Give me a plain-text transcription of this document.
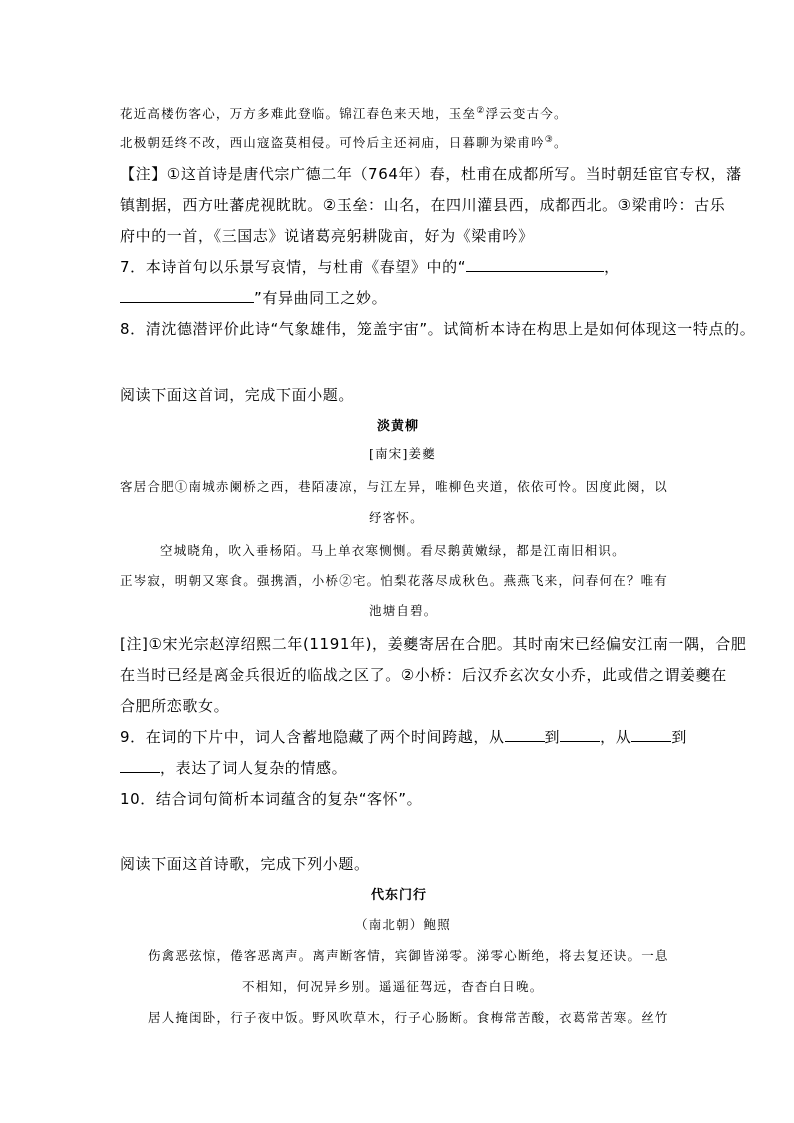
花近高楼伤客心，万方多难此登临。锦江春色来天地，玉垒②浮云变古今。
北极朝廷终不改，西山寇盗莫相侵。可怜后主还祠庙，日暮聊为梁甫吟③。
【注】①这首诗是唐代宗广德二年（764年）春，杜甫在成都所写。当时朝廷宦官专权，藩
镇割据，西方吐蕃虎视眈眈。②玉垒：山名，在四川灌县西，成都西北。③梁甫吟：古乐
府中的一首，《三国志》说诸葛亮躬耕陇亩，好为《梁甫吟》
7．本诗首句以乐景写哀情，与杜甫《春望》中的“	，
”有异曲同工之妙。
8．清沈德潜评价此诗“气象雄伟，笼盖宇宙”。试简析本诗在构思上是如何体现这一特点的。
阅读下面这首词，完成下面小题。
淡黄柳
[南宋]姜夔
客居合肥①南城赤阑桥之西，巷陌凄凉，与江左异，唯柳色夹道，依依可怜。因度此阕，以
纾客怀。
空城晓角，吹入垂杨陌。马上单衣寒恻恻。看尽鹅黄嫩绿，都是江南旧相识。
正岑寂，明朝又寒食。强携酒，小桥②宅。怕梨花落尽成秋色。燕燕飞来，问春何在？唯有
池塘自碧。
[注]①宋光宗赵淳绍熙二年(1191年)，姜夔寄居在合肥。其时南宋已经偏安江南一隅，合肥
在当时已经是离金兵很近的临战之区了。②小桥：后汉乔玄次女小乔，此或借之谓姜夔在
合肥所恋歌女。
9．在词的下片中，词人含蓄地隐藏了两个时间跨越，从	到	，从	到
，表达了词人复杂的情感。
10．结合词句简析本词蕴含的复杂“客怀”。
阅读下面这首诗歌，完成下列小题。
代东门行
（南北朝）鲍照
伤禽恶弦惊，倦客恶离声。离声断客情，宾御皆涕零。涕零心断绝，将去复还诀。一息
不相知，何况异乡别。遥遥征驾远，杳杳白日晚。
居人掩闺卧，行子夜中饭。野风吹草木，行子心肠断。食梅常苦酸，衣葛常苦寒。丝竹
